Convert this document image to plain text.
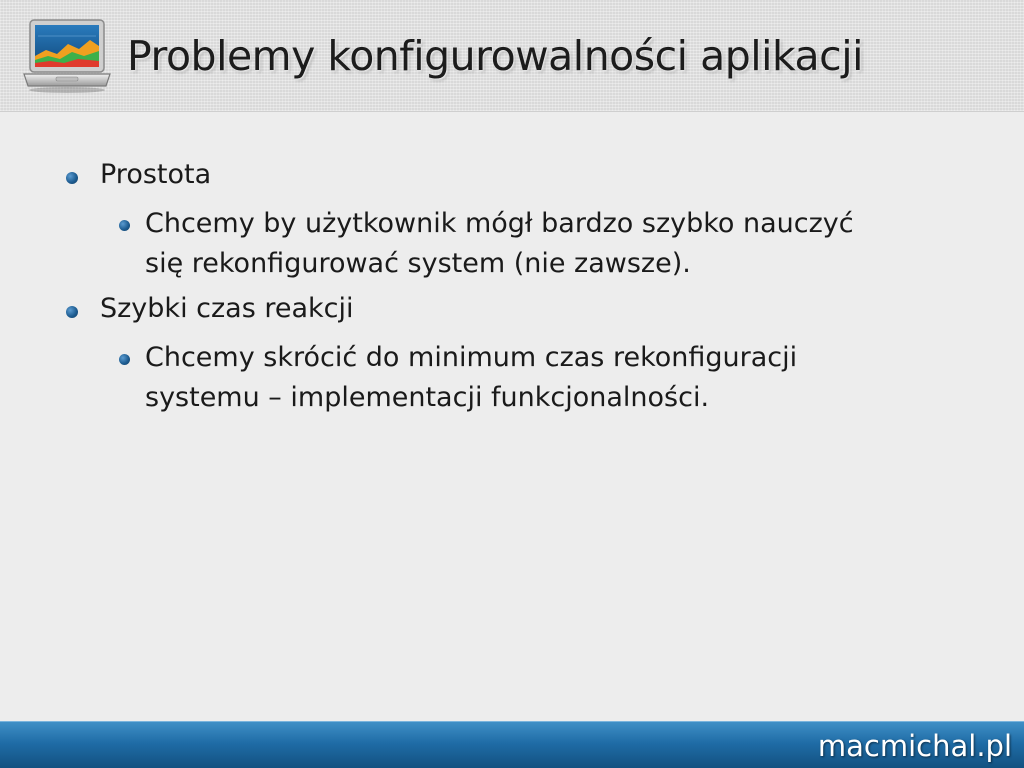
Problemy konfigurowalności aplikacji
Prostota
Chcemy by użytkownik mógł bardzo szybko nauczyć się rekonfigurować system (nie zawsze).
Szybki czas reakcji
Chcemy skrócić do minimum czas rekonfiguracji systemu – implementacji funkcjonalności.
macmichal.pl
